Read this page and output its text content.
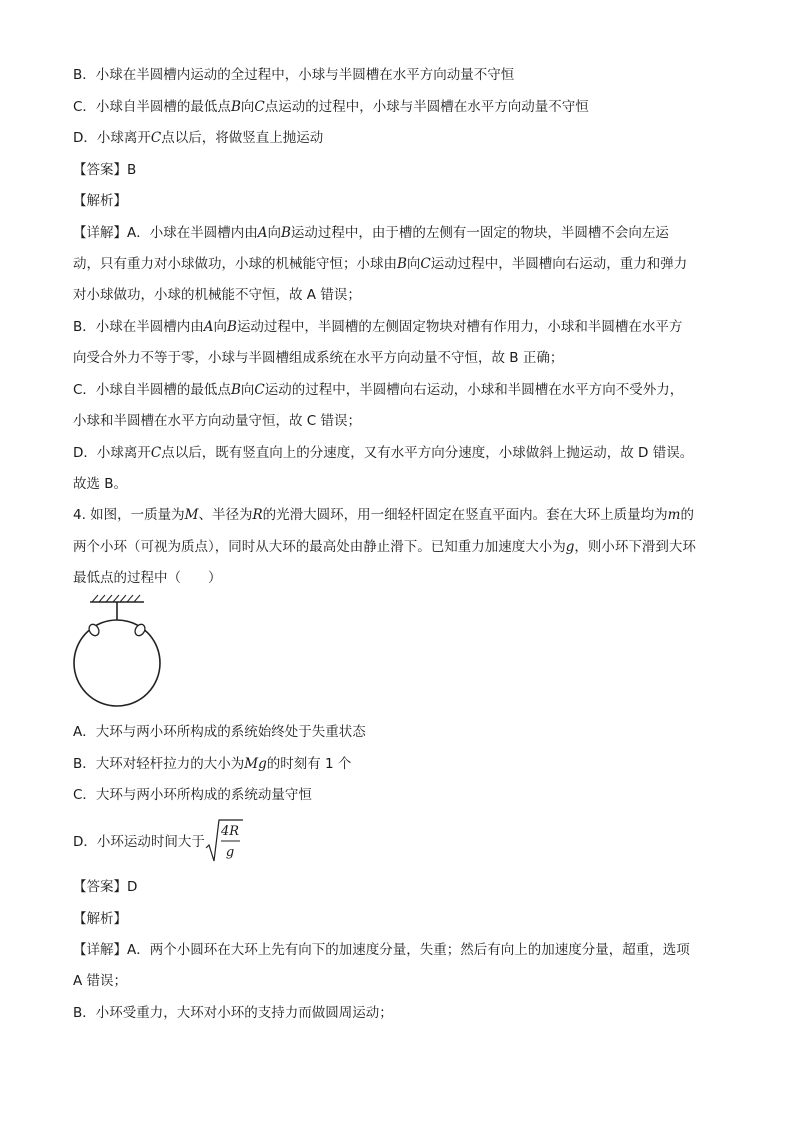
B．小球在半圆槽内运动的全过程中，小球与半圆槽在水平方向动量不守恒
C．小球自半圆槽的最低点B向C点运动的过程中，小球与半圆槽在水平方向动量不守恒
D．小球离开C点以后，将做竖直上抛运动
【答案】B
【解析】
【详解】A．小球在半圆槽内由A向B运动过程中，由于槽的左侧有一固定的物块，半圆槽不会向左运
动，只有重力对小球做功，小球的机械能守恒；小球由B向C运动过程中，半圆槽向右运动，重力和弹力
对小球做功，小球的机械能不守恒，故 A 错误；
B．小球在半圆槽内由A向B运动过程中，半圆槽的左侧固定物块对槽有作用力，小球和半圆槽在水平方
向受合外力不等于零，小球与半圆槽组成系统在水平方向动量不守恒，故 B 正确；
C．小球自半圆槽的最低点B向C运动的过程中，半圆槽向右运动，小球和半圆槽在水平方向不受外力，
小球和半圆槽在水平方向动量守恒，故 C 错误；
D．小球离开C点以后，既有竖直向上的分速度，又有水平方向分速度，小球做斜上抛运动，故 D 错误。
故选 B。
4. 如图，一质量为M、半径为R的光滑大圆环，用一细轻杆固定在竖直平面内。套在大环上质量均为m的
两个小环（可视为质点），同时从大环的最高处由静止滑下。已知重力加速度大小为g，则小环下滑到大环
最低点的过程中（　　）
A．大环与两小环所构成的系统始终处于失重状态
B．大环对轻杆拉力的大小为Mg的时刻有 1 个
C．大环与两小环所构成的系统动量守恒
D．小环运动时间大于
4R
g
【答案】D
【解析】
【详解】A．两个小圆环在大环上先有向下的加速度分量，失重；然后有向上的加速度分量，超重，选项
A 错误；
B．小环受重力，大环对小环的支持力而做圆周运动；
